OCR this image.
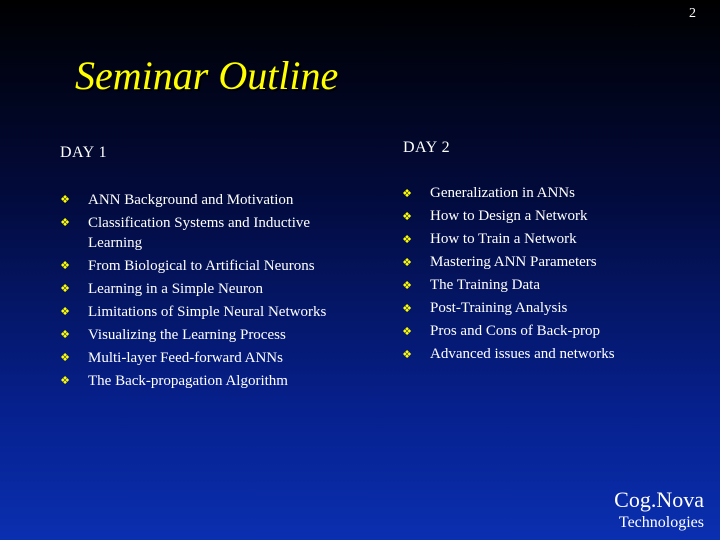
2
Seminar Outline
DAY 1
❖ ANN Background and Motivation
❖ Classification Systems and Inductive Learning
❖ From Biological to Artificial Neurons
❖ Learning in a Simple Neuron
❖ Limitations of Simple Neural Networks
❖ Visualizing the Learning Process
❖ Multi-layer Feed-forward ANNs
❖ The Back-propagation Algorithm
DAY 2
❖ Generalization in ANNs
❖ How to Design a Network
❖ How to Train a Network
❖ Mastering ANN Parameters
❖ The Training Data
❖ Post-Training Analysis
❖ Pros and Cons of Back-prop
❖ Advanced issues and networks
Cog.Nova
Technologies
